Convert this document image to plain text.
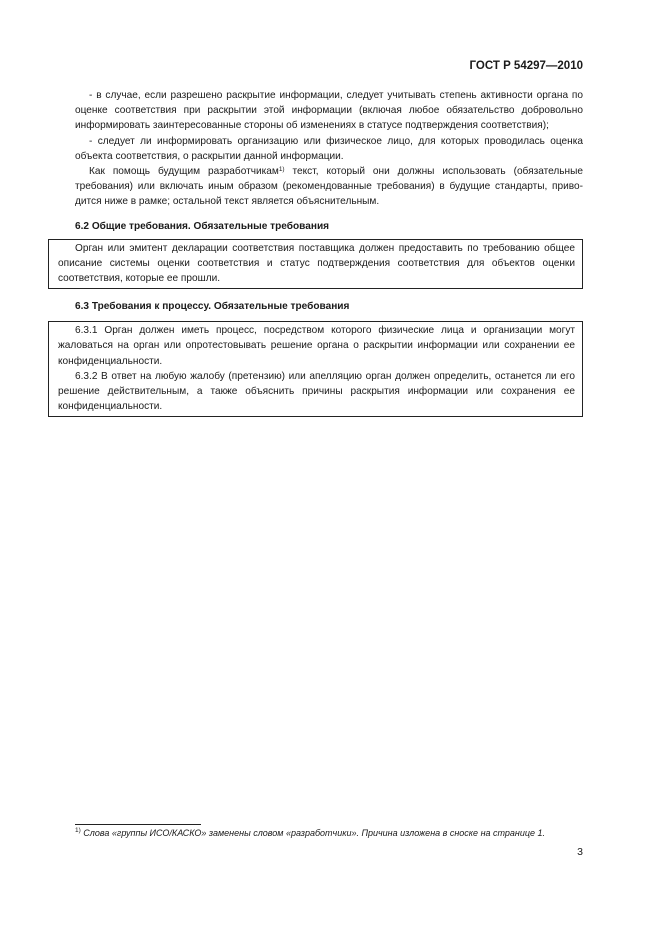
ГОСТ Р 54297—2010

- в случае, если разрешено раскрытие информации, следует учитывать степень активности органа по оценке соответствия при раскрытии этой информации (включая любое обязательство добровольно информировать заинтересованные стороны об изменениях в статусе подтверждения соответствия);

- следует ли информировать организацию или физическое лицо, для которых проводилась оценка объекта соответствия, о раскрытии данной информации.

Как помощь будущим разработчикам$^{1)}$ текст, который они должны использовать (обязательные требования) или включать иным образом (рекомендованные требования) в будущие стандарты, приводится ниже в рамке; остальной текст является объяснительным.

6.2 Общие требования. Обязательные требования

Орган или эмитент декларации соответствия поставщика должен предоставить по требованию общее описание системы оценки соответствия и статус подтверждения соответствия для объектов оценки соответствия, которые ее прошли.

6.3 Требования к процессу. Обязательные требования

6.3.1 Орган должен иметь процесс, посредством которого физические лица и организации могут жаловаться на орган или опротестовывать решение органа о раскрытии информации или сохранении ее конфиденциальности.

6.3.2 В ответ на любую жалобу (претензию) или апелляцию орган должен определить, останется ли его решение действительным, а также объяснить причины раскрытия информации или сохранения ее конфиденциальности.

$^{1)}$ Слова «группы ИСО/КАСКО» заменены словом «разработчики». Причина изложена в сноске на странице 1.
3
